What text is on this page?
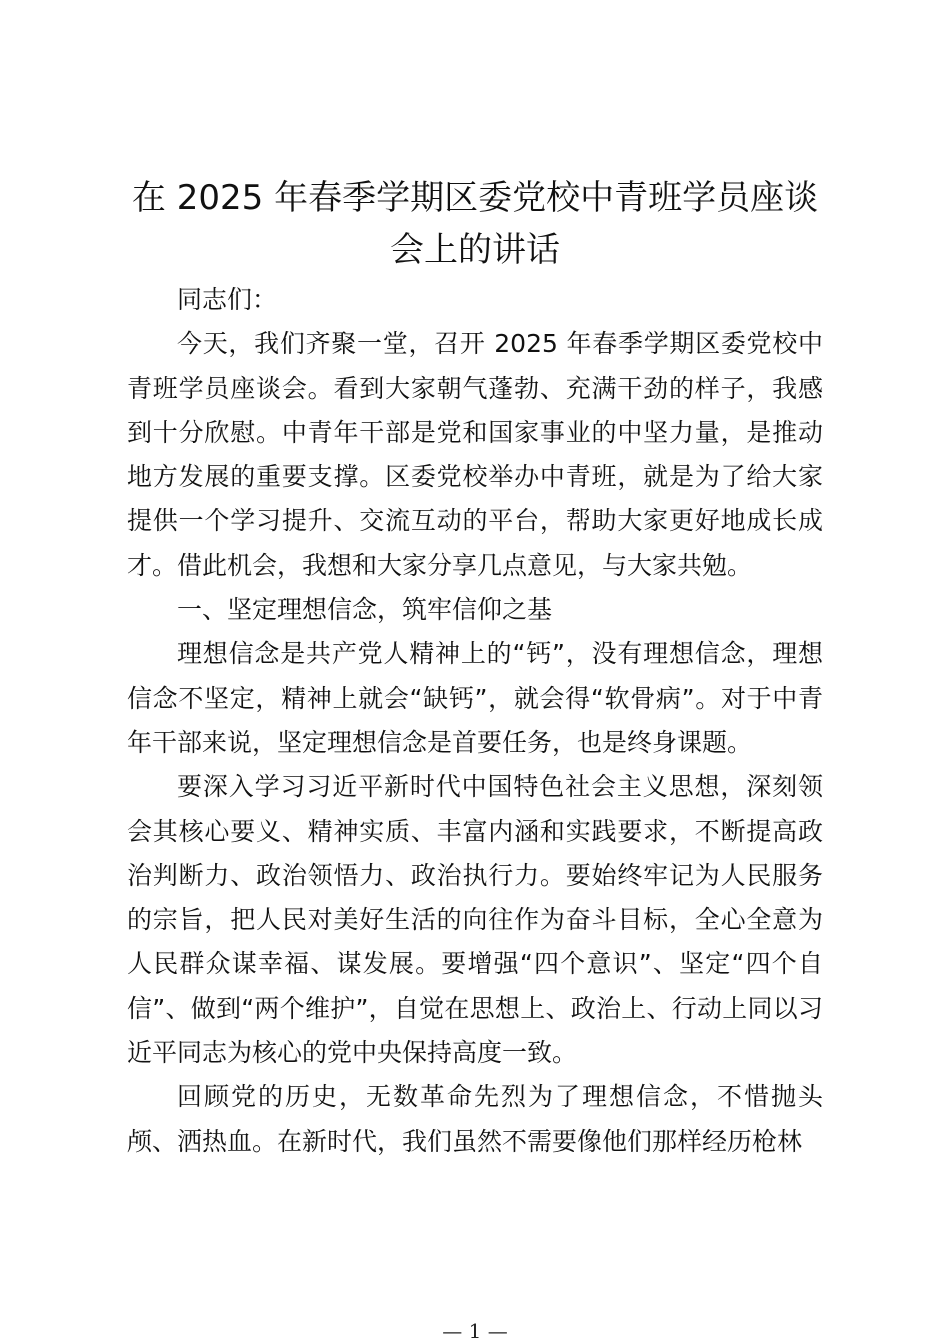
在 2025 年春季学期区委党校中青班学员座谈会上的讲话

同志们：

今天，我们齐聚一堂，召开 2025 年春季学期区委党校中青班学员座谈会。看到大家朝气蓬勃、充满干劲的样子，我感到十分欣慰。中青年干部是党和国家事业的中坚力量，是推动地方发展的重要支撑。区委党校举办中青班，就是为了给大家提供一个学习提升、交流互动的平台，帮助大家更好地成长成才。借此机会，我想和大家分享几点意见，与大家共勉。

一、坚定理想信念，筑牢信仰之基

理想信念是共产党人精神上的“钙”，没有理想信念，理想信念不坚定，精神上就会“缺钙”，就会得“软骨病”。对于中青年干部来说，坚定理想信念是首要任务，也是终身课题。

要深入学习习近平新时代中国特色社会主义思想，深刻领会其核心要义、精神实质、丰富内涵和实践要求，不断提高政治判断力、政治领悟力、政治执行力。要始终牢记为人民服务的宗旨，把人民对美好生活的向往作为奋斗目标，全心全意为人民群众谋幸福、谋发展。要增强“四个意识”、坚定“四个自信”、做到“两个维护”，自觉在思想上、政治上、行动上同以习近平同志为核心的党中央保持高度一致。

回顾党的历史，无数革命先烈为了理想信念，不惜抛头颅、洒热血。在新时代，我们虽然不需要像他们那样经历枪林

— 1 —
